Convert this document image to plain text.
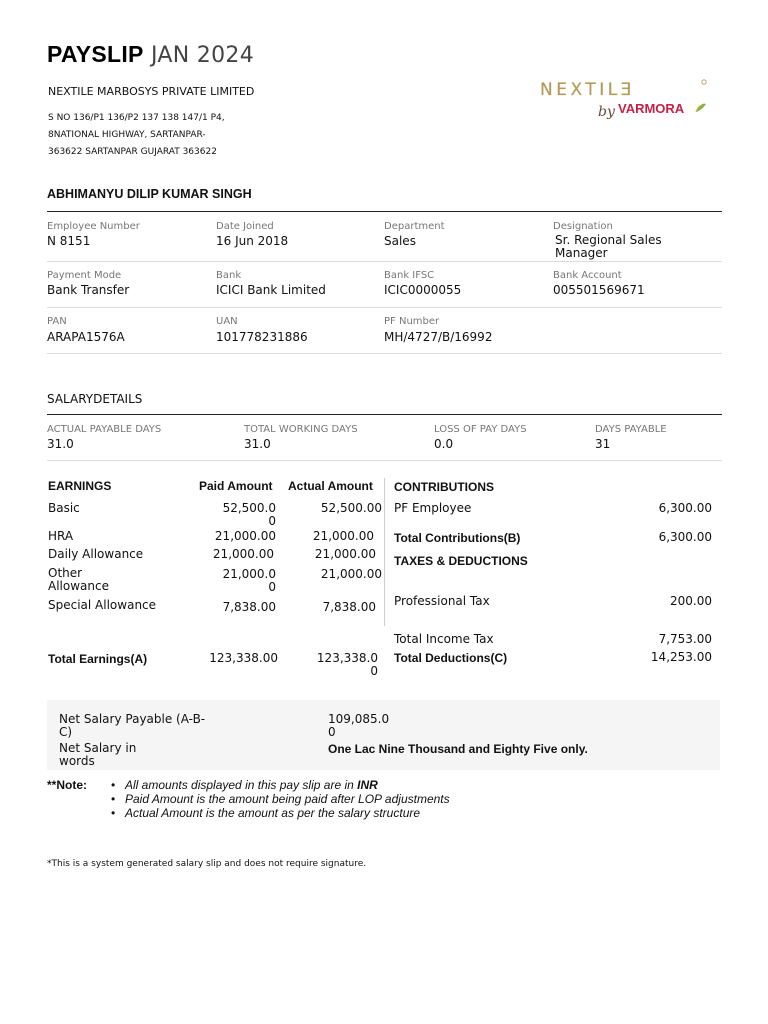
PAYSLIP JAN 2024
NEXTILE MARBOSYS PRIVATE LIMITED
S NO 136/P1 136/P2 137 138 147/1 P4,
8NATIONAL HIGHWAY, SARTANPAR-
363622 SARTANPAR GUJARAT 363622
NEXTILƎ
by VARMORA
ABHIMANYU DILIP KUMAR SINGH
Employee Number
N 8151
Date Joined
16 Jun 2018
Department
Sales
Designation
Sr. Regional Sales Manager
Payment Mode
Bank Transfer
Bank
ICICI Bank Limited
Bank IFSC
ICIC0000055
Bank Account
005501569671
PAN
ARAPA1576A
UAN
101778231886
PF Number
MH/4727/B/16992
SALARYDETAILS
ACTUAL PAYABLE DAYS
31.0
TOTAL WORKING DAYS
31.0
LOSS OF PAY DAYS
0.0
DAYS PAYABLE
31
EARNINGS	Paid Amount Actual Amount
Basic	52,500.00
52,500.00
HRA	21,000.00	21,000.00
Daily Allowance	21,000.00	21,000.00
Other Allowance
21,000.00
21,000.00
Special Allowance	7,838.00	7,838.00
Total Earnings(A)	123,338.00	123,338.00
CONTRIBUTIONS
PF Employee	6,300.00
Total Contributions(B)	6,300.00
TAXES & DEDUCTIONS
Professional Tax	200.00
Total Income Tax	7,753.00
Total Deductions(C)	14,253.00
Net Salary Payable (A-B-C)
109,085.00
Net Salary in words
One Lac Nine Thousand and Eighty Five only.
**Note:
•	All amounts displayed in this pay slip are in INR
• Paid Amount is the amount being paid after LOP adjustments
• Actual Amount is the amount as per the salary structure
*This is a system generated salary slip and does not require signature.
